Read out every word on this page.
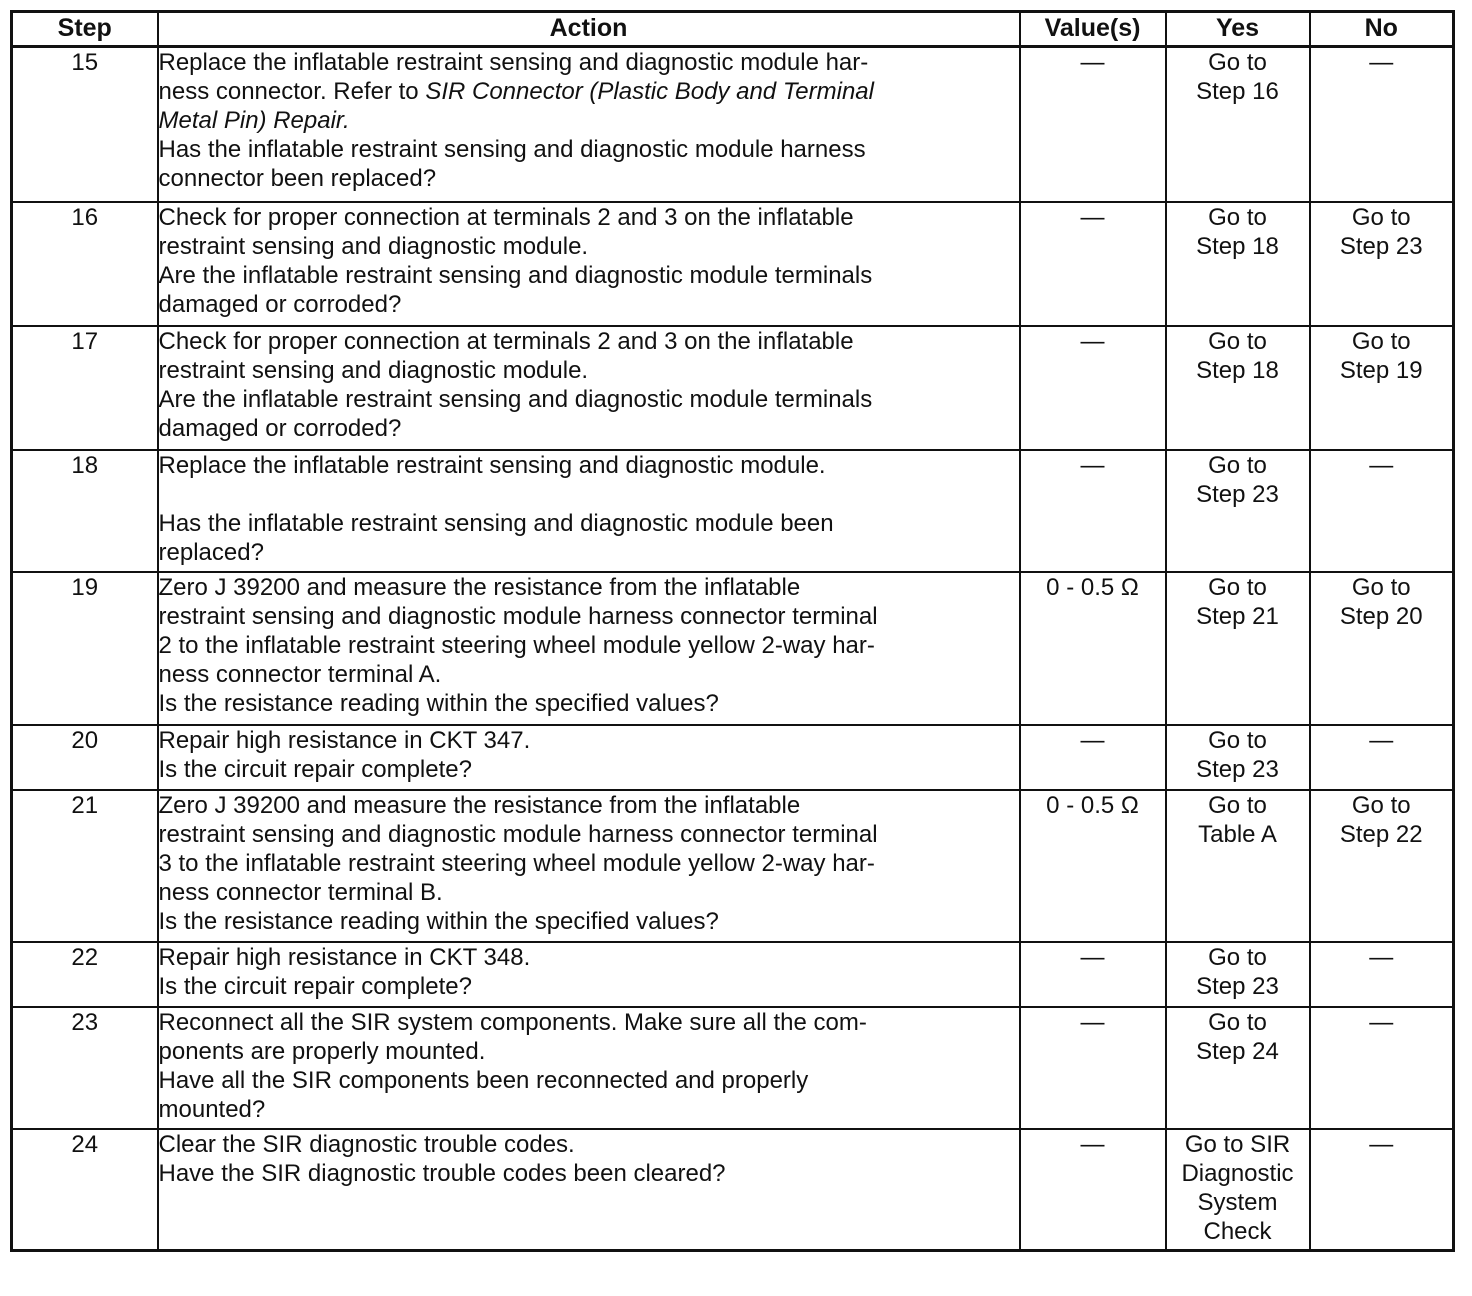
Step	Action	Value(s)	Yes	No
15	Replace the inflatable restraint sensing and diagnostic module har-
ness connector. Refer to SIR Connector (Plastic Body and Terminal
Metal Pin) Repair.
Has the inflatable restraint sensing and diagnostic module harness
connector been replaced?	—	Go to
Step 16	—

16	Check for proper connection at terminals 2 and 3 on the inflatable
restraint sensing and diagnostic module.
Are the inflatable restraint sensing and diagnostic module terminals
damaged or corroded?	—	Go to
Step 18	Go to
Step 23

17	Check for proper connection at terminals 2 and 3 on the inflatable
restraint sensing and diagnostic module.
Are the inflatable restraint sensing and diagnostic module terminals
damaged or corroded?	—	Go to
Step 18	Go to
Step 19

18	Replace the inflatable restraint sensing and diagnostic module.
Has the inflatable restraint sensing and diagnostic module been
replaced?	—	Go to
Step 23	—

19	Zero J 39200 and measure the resistance from the inflatable
restraint sensing and diagnostic module harness connector terminal
2 to the inflatable restraint steering wheel module yellow 2-way har-
ness connector terminal A.
Is the resistance reading within the specified values?	0 - 0.5 Ω	Go to
Step 21	Go to
Step 20

20	Repair high resistance in CKT 347.
Is the circuit repair complete?	—	Go to
Step 23	—

21	Zero J 39200 and measure the resistance from the inflatable
restraint sensing and diagnostic module harness connector terminal
3 to the inflatable restraint steering wheel module yellow 2-way har-
ness connector terminal B.
Is the resistance reading within the specified values?	0 - 0.5 Ω	Go to
Table A	Go to
Step 22

22	Repair high resistance in CKT 348.
Is the circuit repair complete?	—	Go to
Step 23	—

23	Reconnect all the SIR system components. Make sure all the com-
ponents are properly mounted.
Have all the SIR components been reconnected and properly
mounted?	—	Go to
Step 24	—

24	Clear the SIR diagnostic trouble codes.
Have the SIR diagnostic trouble codes been cleared?	—	Go to SIR
Diagnostic
System
Check	—
